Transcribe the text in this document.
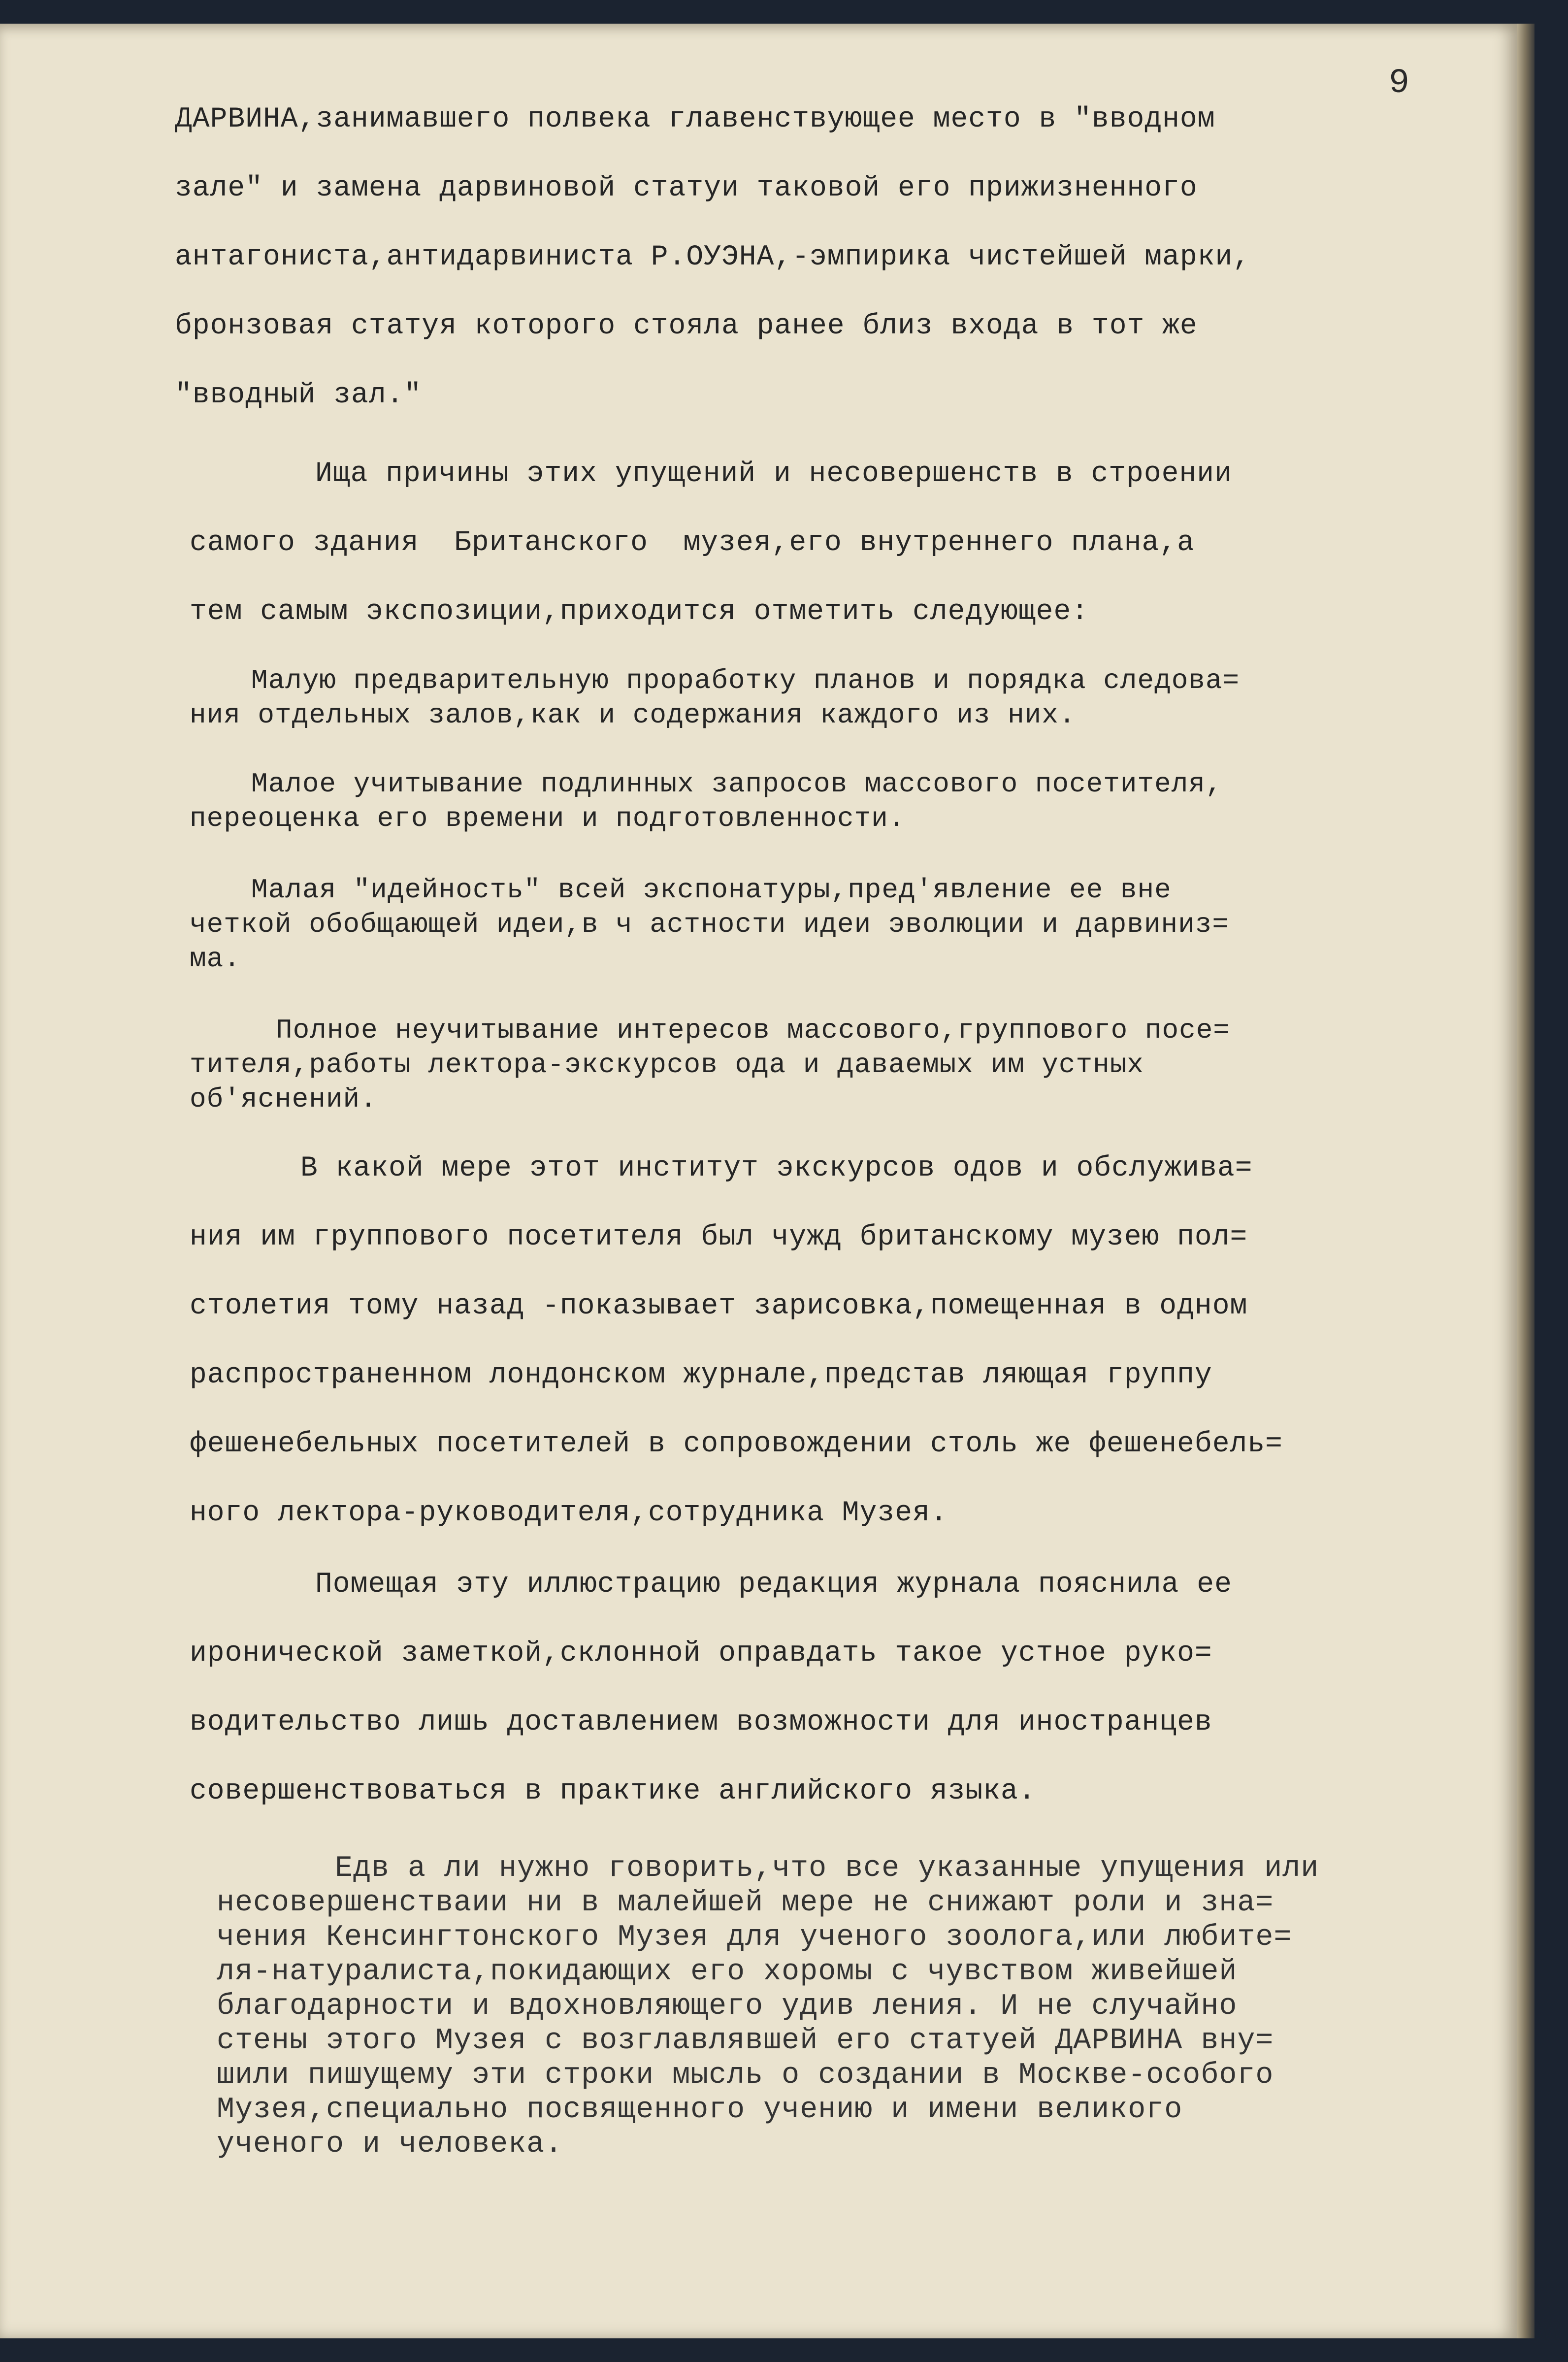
9
ДАРВИНА,занимавшего полвека главенствующее место в "вводном
зале" и замена дарвиновой статуи таковой его прижизненного
антагониста,антидарвиниста Р.ОУЭНА,-эмпирика чистейшей марки,
бронзовая статуя которого стояла ранее близ входа в тот же
"вводный зал."
Ища причины этих упущений и несовершенств в строении
самого здания  Британского  музея,его внутреннего плана,а
тем самым экспозиции,приходится отметить следующее:
Малую предварительную проработку планов и порядка следова=
ния отдельных залов,как и содержания каждого из них.
Малое учитывание подлинных запросов массового посетителя,
переоценка его времени и подготовленности.
Малая "идейность" всей экспонатуры,пред'явление ее вне
четкой обобщающей идеи,в ч астности идеи эволюции и дарвиниз=
ма.
Полное неучитывание интересов массового,группового посе=
тителя,работы лектора-экскурсов ода и даваемых им устных
об'яснений.
В какой мере этот институт экскурсов одов и обслужива=
ния им группового посетителя был чужд британскому музею пол=
столетия тому назад -показывает зарисовка,помещенная в одном
распространенном лондонском журнале,представ ляющая группу
фешенебельных посетителей в сопровождении столь же фешенебель=
ного лектора-руководителя,сотрудника Музея.
Помещая эту иллюстрацию редакция журнала пояснила ее
иронической заметкой,склонной оправдать такое устное руко=
водительство лишь доставлением возможности для иностранцев
совершенствоваться в практике английского языка.
Едв а ли нужно говорить,что все указанные упущения или
несовершенстваии ни в малейшей мере не снижают роли и зна=
чения Кенсингтонского Музея для ученого зоолога,или любите=
ля-натуралиста,покидающих его хоромы с чувством живейшей
благодарности и вдохновляющего удив ления. И не случайно
стены этого Музея с возглавлявшей его статуей ДАРВИНА вну=
шили пишущему эти строки мысль о создании в Москве-особого
Музея,специально посвященного учению и имени великого
ученого и человека.
